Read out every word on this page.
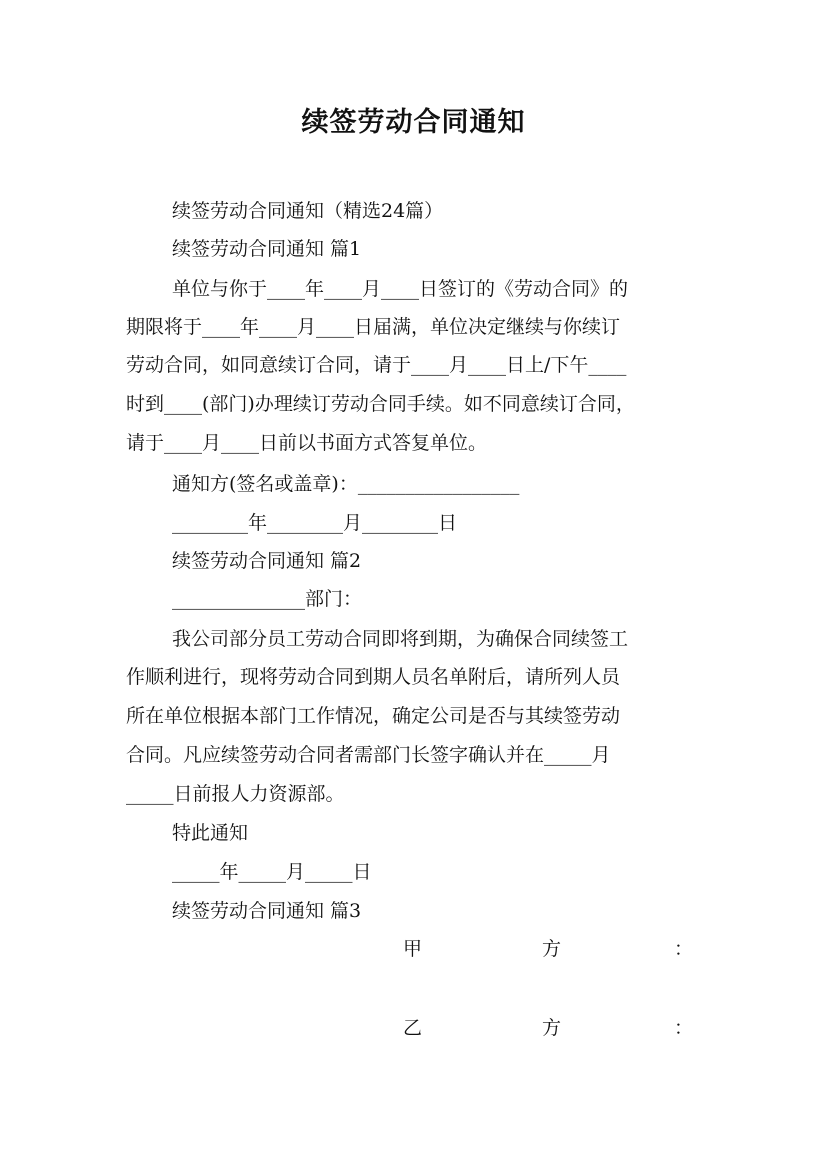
续签劳动合同通知
续签劳动合同通知（精选24篇）
续签劳动合同通知 篇1
单位与你于____年____月____日签订的《劳动合同》的
期限将于____年____月____日届满，单位决定继续与你续订
劳动合同，如同意续订合同，请于____月____日上/下午____
时到____(部门)办理续订劳动合同手续。如不同意续订合同，
请于____月____日前以书面方式答复单位。
通知方(签名或盖章)：_________________
________年________月________日
续签劳动合同通知 篇2
______________部门：
我公司部分员工劳动合同即将到期，为确保合同续签工
作顺利进行，现将劳动合同到期人员名单附后，请所列人员
所在单位根据本部门工作情况，确定公司是否与其续签劳动
合同。凡应续签劳动合同者需部门长签字确认并在_____月
_____日前报人力资源部。
特此通知
_____年_____月_____日
续签劳动合同通知 篇3
甲	方	：
乙	方	：
